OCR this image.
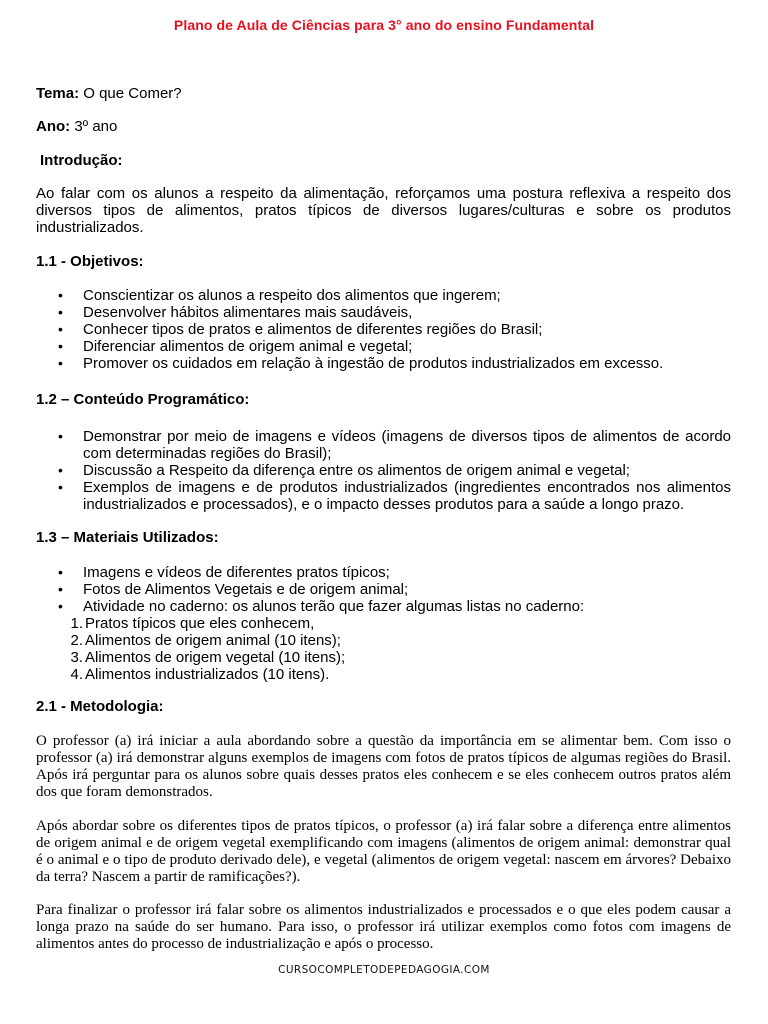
Plano de Aula de Ciências para 3° ano do ensino Fundamental
Tema: O que Comer?
Ano: 3º ano
Introdução:
Ao falar com os alunos a respeito da alimentação, reforçamos uma postura reflexiva a respeito dos diversos tipos de alimentos, pratos típicos de diversos lugares/culturas e sobre os produtos industrializados.
1.1 - Objetivos:
• Conscientizar os alunos a respeito dos alimentos que ingerem;
• Desenvolver hábitos alimentares mais saudáveis,
• Conhecer tipos de pratos e alimentos de diferentes regiões do Brasil;
• Diferenciar alimentos de origem animal e vegetal;
• Promover os cuidados em relação à ingestão de produtos industrializados em excesso.
1.2 – Conteúdo Programático:
• Demonstrar por meio de imagens e vídeos (imagens de diversos tipos de alimentos de acordo com determinadas regiões do Brasil);
• Discussão a Respeito da diferença entre os alimentos de origem animal e vegetal;
• Exemplos de imagens e de produtos industrializados (ingredientes encontrados nos alimentos industrializados e processados), e o impacto desses produtos para a saúde a longo prazo.
1.3 – Materiais Utilizados:
• Imagens e vídeos de diferentes pratos típicos;
• Fotos de Alimentos Vegetais e de origem animal;
• Atividade no caderno: os alunos terão que fazer algumas listas no caderno:
1. Pratos típicos que eles conhecem,
2. Alimentos de origem animal (10 itens);
3. Alimentos de origem vegetal (10 itens);
4. Alimentos industrializados (10 itens).
2.1 - Metodologia:
O professor (a) irá iniciar a aula abordando sobre a questão da importância em se alimentar bem. Com isso o professor (a) irá demonstrar alguns exemplos de imagens com fotos de pratos típicos de algumas regiões do Brasil. Após irá perguntar para os alunos sobre quais desses pratos eles conhecem e se eles conhecem outros pratos além dos que foram demonstrados.
Após abordar sobre os diferentes tipos de pratos típicos, o professor (a) irá falar sobre a diferença entre alimentos de origem animal e de origem vegetal exemplificando com imagens (alimentos de origem animal: demonstrar qual é o animal e o tipo de produto derivado dele), e vegetal (alimentos de origem vegetal: nascem em árvores? Debaixo da terra? Nascem a partir de ramificações?).
Para finalizar o professor irá falar sobre os alimentos industrializados e processados e o que eles podem causar a longa prazo na saúde do ser humano. Para isso, o professor irá utilizar exemplos como fotos com imagens de alimentos antes do processo de industrialização e após o processo.
CURSOCOMPLETODEPEDAGOGIA.COM
